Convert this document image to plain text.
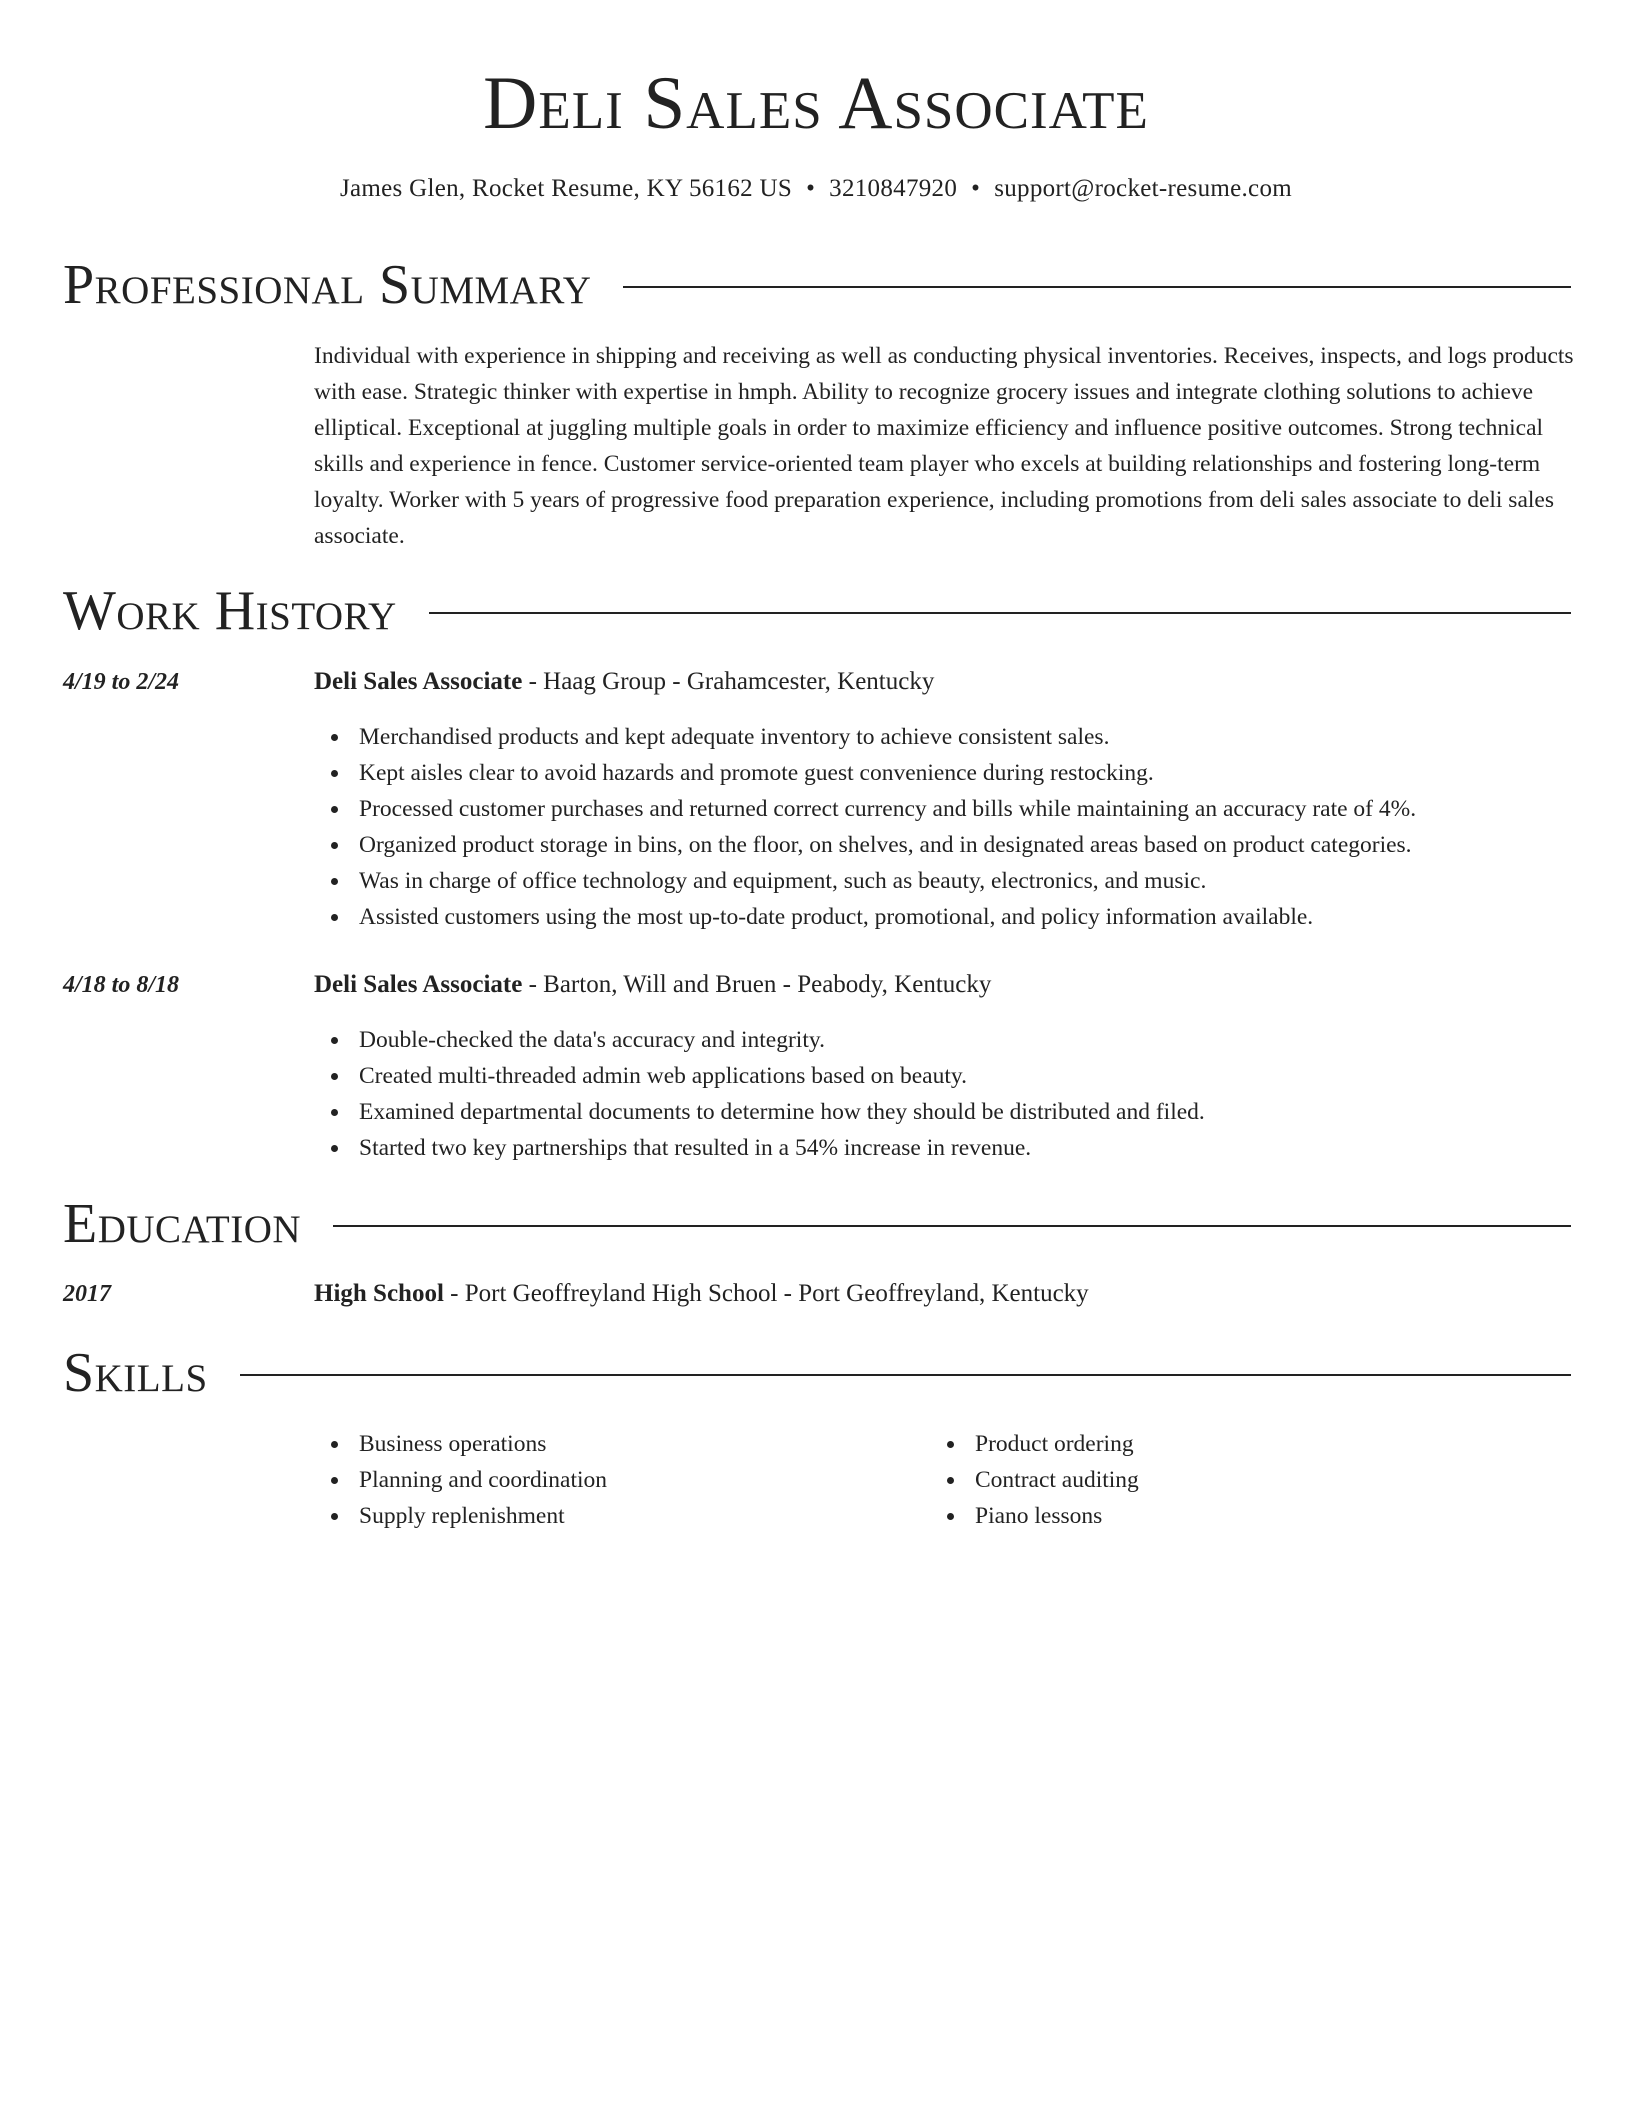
Deli Sales Associate
James Glen, Rocket Resume, KY 56162 US • 3210847920 • support@rocket-resume.com
Professional Summary

Individual with experience in shipping and receiving as well as conducting physical inventories. Receives, inspects, and logs products with ease. Strategic thinker with expertise in hmph. Ability to recognize grocery issues and integrate clothing solutions to achieve elliptical. Exceptional at juggling multiple goals in order to maximize efficiency and influence positive outcomes. Strong technical skills and experience in fence. Customer service-oriented team player who excels at building relationships and fostering long-term loyalty. Worker with 5 years of progressive food preparation experience, including promotions from deli sales associate to deli sales associate.

Work History
4/19 to 2/24	Deli Sales Associate - Haag Group - Grahamcester, Kentucky
Merchandised products and kept adequate inventory to achieve consistent sales.
Kept aisles clear to avoid hazards and promote guest convenience during restocking.
Processed customer purchases and returned correct currency and bills while maintaining an accuracy rate of 4%.
Organized product storage in bins, on the floor, on shelves, and in designated areas based on product categories.
Was in charge of office technology and equipment, such as beauty, electronics, and music.
Assisted customers using the most up-to-date product, promotional, and policy information available.
4/18 to 8/18	Deli Sales Associate - Barton, Will and Bruen - Peabody, Kentucky
Double-checked the data's accuracy and integrity.
Created multi-threaded admin web applications based on beauty.
Examined departmental documents to determine how they should be distributed and filed.
Started two key partnerships that resulted in a 54% increase in revenue.
Education
2017	High School - Port Geoffreyland High School - Port Geoffreyland, Kentucky
Skills
Business operations
Planning and coordination
Supply replenishment
Product ordering
Contract auditing
Piano lessons
